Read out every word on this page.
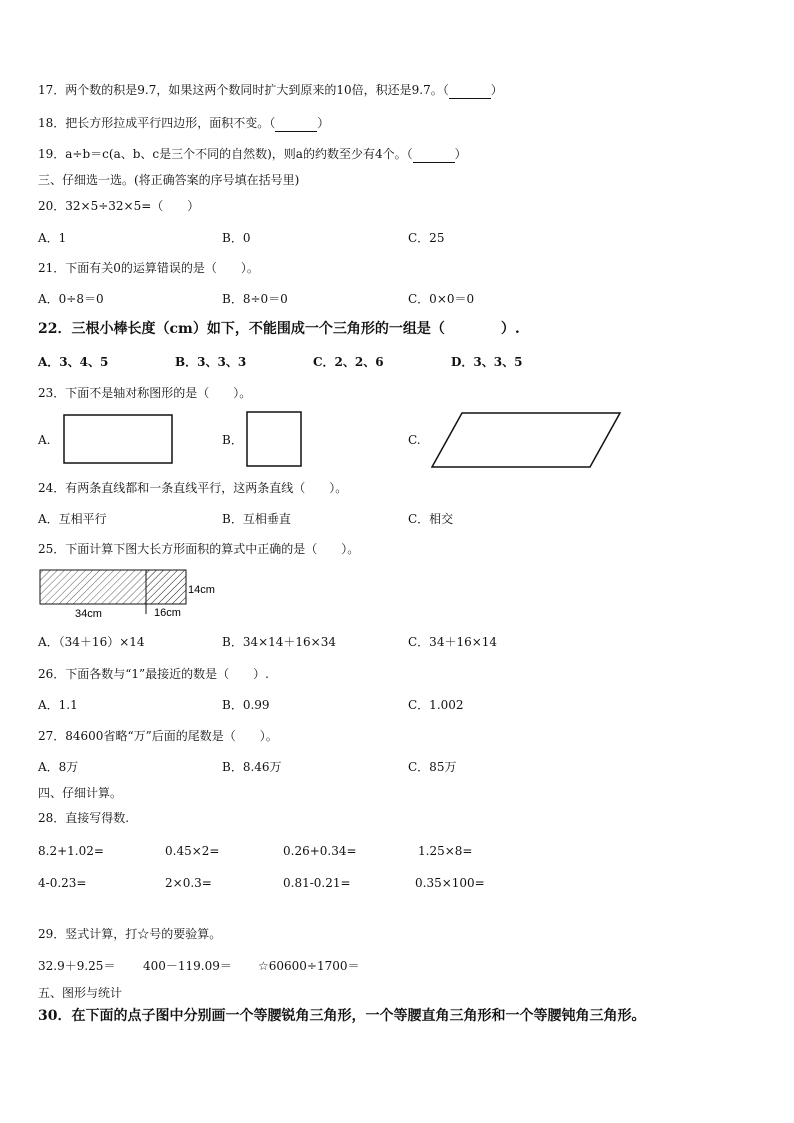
17．两个数的积是9.7，如果这两个数同时扩大到原来的10倍，积还是9.7。（	）
18．把长方形拉成平行四边形，面积不变。（	）
19．a÷b＝c(a、b、c是三个不同的自然数)，则a的约数至少有4个。（	）
三、仔细选一选。(将正确答案的序号填在括号里)
20．32×5÷32×5=（　　）
A．1	B．0	C．25
21．下面有关0的运算错误的是（　　）。
A．0÷8＝0	B．8÷0＝0	C．0×0＝0
22．三根小棒长度（cm）如下，不能围成一个三角形的一组是（　　　　）.
A．3、4、5	B．3、3、3	C．2、2、6	D．3、3、5
23．下面不是轴对称图形的是（　　）。
A.	B．	C.
24．有两条直线都和一条直线平行，这两条直线（　　）。
A．互相平行	B．互相垂直	C．相交
25．下面计算下图大长方形面积的算式中正确的是（　　）。
14cm
34cm	16cm
A．（34＋16）×14	B．34×14＋16×34	C．34＋16×14
26．下面各数与“1”最接近的数是（　　）.
A．1.1	B．0.99	C．1.002
27．84600省略“万”后面的尾数是（　　）。
A．8万	B．8.46万	C．85万
四、仔细计算。
28．直接写得数.
8.2+1.02=	0.45×2=	0.26+0.34=	1.25×8=
4-0.23=	2×0.3=	0.81-0.21=	0.35×100=
29．竖式计算，打☆号的要验算。
32.9＋9.25＝ 400－119.09＝ ☆60600÷1700＝
五、图形与统计
30．在下面的点子图中分别画一个等腰锐角三角形，一个等腰直角三角形和一个等腰钝角三角形。
